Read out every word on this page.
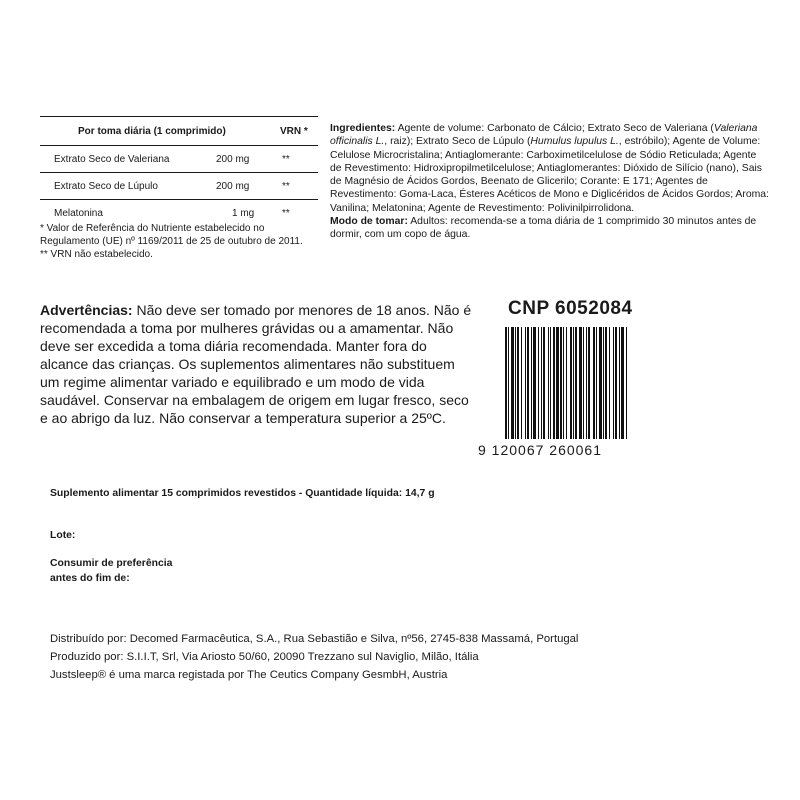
Por toma diária (1 comprimido)	VRN *
Extrato Seco de Valeriana	200 mg	**
Extrato Seco de Lúpulo	200 mg	**
Melatonina	1 mg	**
* Valor de Referência do Nutriente estabelecido no Regulamento (UE) nº 1169/2011 de 25 de outubro de 2011.
** VRN não estabelecido.
Ingredientes: Agente de volume: Carbonato de Cálcio; Extrato Seco de Valeriana (Valeriana officinalis L., raiz); Extrato Seco de Lúpulo (Humulus lupulus L., estróbilo); Agente de Volume: Celulose Microcristalina; Antiaglomerante: Carboximetilcelulose de Sódio Reticulada; Agente de Revestimento: Hidroxipropilmetilcelulose; Antiaglomerantes: Dióxido de Silício (nano), Sais de Magnésio de Ácidos Gordos, Beenato de Glicerilo; Corante: E 171; Agentes de Revestimento: Goma-Laca, Ésteres Acéticos de Mono e Diglicéridos de Ácidos Gordos; Aroma: Vanilina; Melatonina; Agente de Revestimento: Polivinilpirrolidona.
Modo de tomar: Adultos: recomenda-se a toma diária de 1 comprimido 30 minutos antes de dormir, com um copo de água.
Advertências: Não deve ser tomado por menores de 18 anos. Não é recomendada a toma por mulheres grávidas ou a amamentar. Não deve ser excedida a toma diária recomendada. Manter fora do alcance das crianças. Os suplementos alimentares não substituem um regime alimentar variado e equilibrado e um modo de vida saudável. Conservar na embalagem de origem em lugar fresco, seco e ao abrigo da luz. Não conservar a temperatura superior a 25ºC.
CNP 6052084
9 120067 260061
Suplemento alimentar 15 comprimidos revestidos - Quantidade líquida: 14,7 g
Lote:
Consumir de preferência
antes do fim de:
Distribuído por: Decomed Farmacêutica, S.A., Rua Sebastião e Silva, nº56, 2745-838 Massamá, Portugal
Produzido por: S.I.I.T, Srl, Via Ariosto 50/60, 20090 Trezzano sul Naviglio, Milão, Itália
Justsleep® é uma marca registada por The Ceutics Company GesmbH, Austria
